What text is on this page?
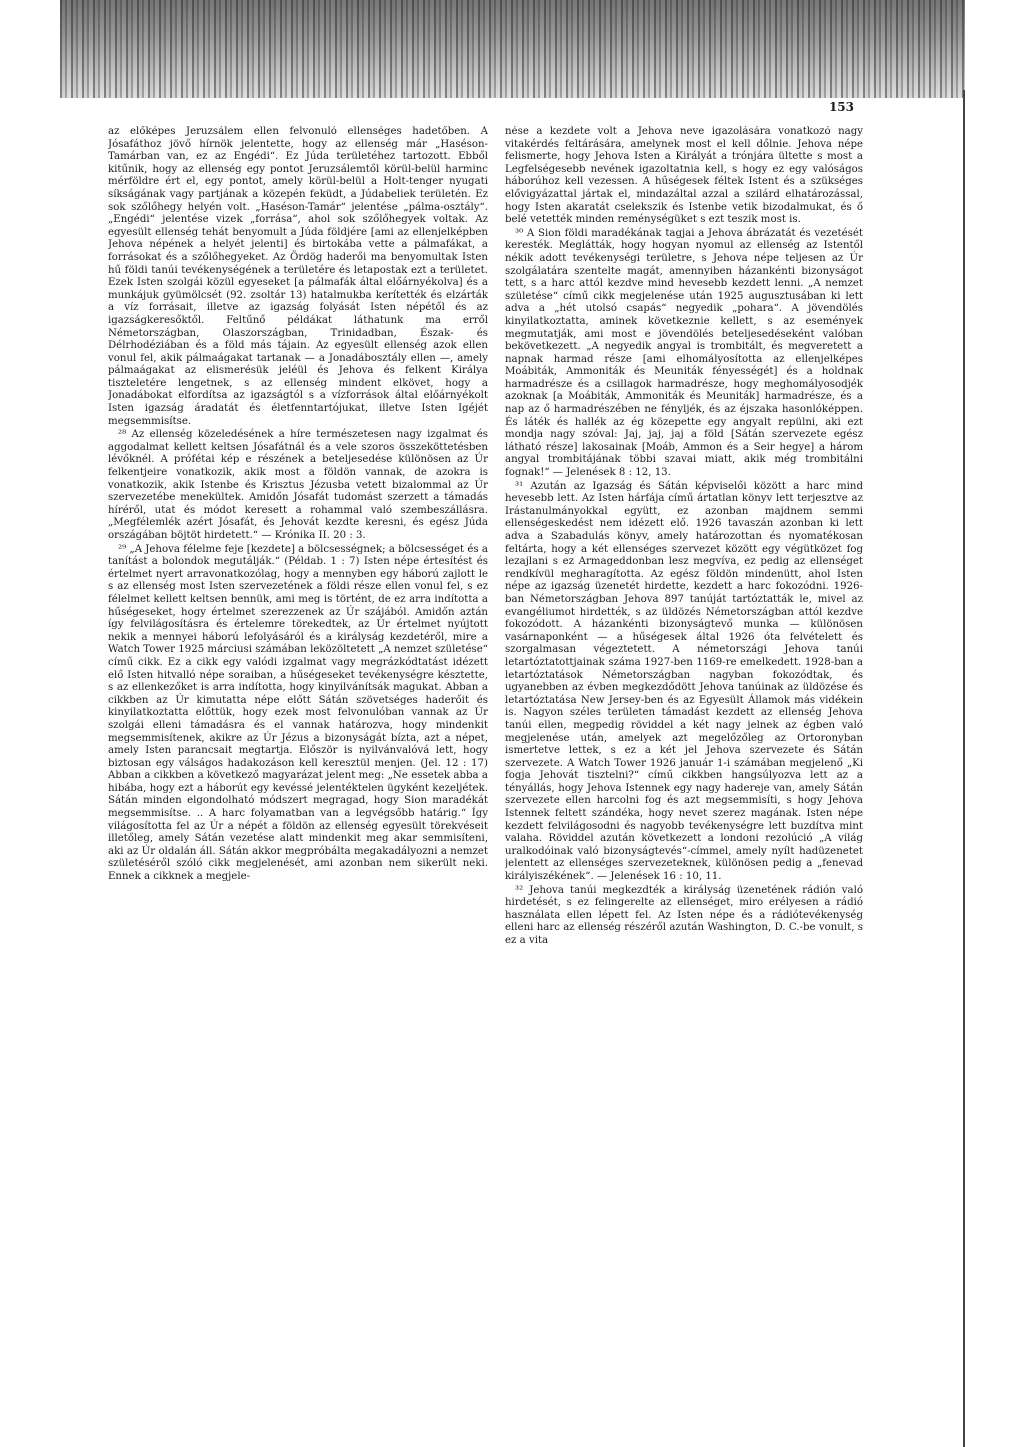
153

az előképes Jeruzsálem ellen felvonuló ellenséges hadetőben. A Jósafáthoz jövő hírnök jelentette, hogy az ellenség már „Haséson-Tamárban van, ez az Engédi“. Ez Júda területéhez tartozott. Ebből kitűnik, hogy az ellenség egy pontot Jeruzsálemtől körül-belül harminc mérföldre ért el, egy pontot, amely körül-belül a Holt-tenger nyugati síkságának vagy partjának a közepén feküdt, a Júdabeliek területén. Ez sok szőlőhegy helyén volt. „Haséson-Tamár“ jelentése „pálma-osztály“. „Engédi“ jelentése vizek „forrása“, ahol sok szőlőhegyek voltak. Az egyesült ellenség tehát benyomult a Júda földjére [ami az ellenjelképben Jehova népének a helyét jelenti] és birtokába vette a pálmafákat, a forrásokat és a szőlőhegyeket. Az Ördög haderői ma benyomultak Isten hű földi tanúi tevékenységének a területére és letapostak ezt a területet. Ezek Isten szolgái közül egyeseket [a pálmafák által előárnyékolva] és a munkájuk gyümölcsét (92. zsoltár 13) hatalmukba kerítették és elzárták a víz forrásait, illetve az igazság folyását Isten népétől és az igazságkeresőktől. Feltűnő példákat láthatunk ma erről Németországban, Olaszországban, Trinidadban, Észak- és Délrhodéziában és a föld más tájain. Az egyesült ellenség azok ellen vonul fel, akik pálmaágakat tartanak — a Jonadábosztály ellen —, amely pálmaágakat az elismerésük jeléül és Jehova és felkent Királya tiszteletére lengetnek, s az ellenség mindent elkövet, hogy a Jonadábokat elfordítsa az igazságtól s a vízforrások által előárnyékolt Isten igazság áradatát és életfenntartójukat, illetve Isten Igéjét megsemmisítse.

²⁸ Az ellenség közeledésének a híre természetesen nagy izgalmat és aggodalmat kellett keltsen Jósafátnál és a vele szoros összeköttetésben lévőknél. A prófétai kép e részének a beteljesedése különösen az Úr felkentjeire vonatkozik, akik most a földön vannak, de azokra is vonatkozik, akik Istenbe és Krisztus Jézusba vetett bizalommal az Úr szervezetébe menekültek. Amidőn Jósafát tudomást szerzett a támadás híréről, utat és módot keresett a rohammal való szembeszállásra. „Megfélemlék azért Jósafát, és Jehovát kezdte keresni, és egész Júda országában böjtöt hirdetett.“ — Krónika II. 20 : 3.

²⁹ „A Jehova félelme feje [kezdete] a bölcsességnek; a bölcsességet és a tanítást a bolondok megutálják.“ (Példab. 1 : 7) Isten népe értesítést és értelmet nyert arravonatkozólag, hogy a mennyben egy háború zajlott le s az ellenség most Isten szervezetének a földi része ellen vonul fel, s ez félelmet kellett keltsen bennük, ami meg is történt, de ez arra indította a hűségeseket, hogy értelmet szerezzenek az Úr szájából. Amidőn aztán így felvilágosításra és értelemre törekedtek, az Úr értelmet nyújtott nekik a mennyei háború lefolyásáról és a királyság kezdetéről, mire a Watch Tower 1925 márciusi számában leközöltetett „A nemzet születése“ című cikk. Ez a cikk egy valódi izgalmat vagy megrázkódtatást idézett elő Isten hitvalló népe soraiban, a hűségeseket tevékenységre késztette, s az ellenkezőket is arra indította, hogy kinyilvánítsák magukat. Abban a cikkben az Úr kimutatta népe előtt Sátán szövetséges haderőit és kinyilatkoztatta előttük, hogy ezek most felvonulóban vannak az Úr szolgái elleni támadásra és el vannak határozva, hogy mindenkit megsemmisítenek, akikre az Úr Jézus a bizonyságát bízta, azt a népet, amely Isten parancsait megtartja. Először is nyilvánvalóvá lett, hogy biztosan egy válságos hadakozáson kell keresztül menjen. (Jel. 12 : 17) Abban a cikkben a következő magyarázat jelent meg: „Ne essetek abba a hibába, hogy ezt a háborút egy kevéssé jelentéktelen ügyként kezeljétek. Sátán minden elgondolható módszert megragad, hogy Sion maradékát megsemmisítse. .. A harc folyamatban van a legvégsőbb határig.“ Így világosította fel az Úr a népét a földön az ellenség egyesült törekvéseit illetőleg, amely Sátán vezetése alatt mindenkit meg akar semmisíteni, aki az Úr oldalán áll. Sátán akkor megpróbálta megakadályozni a nemzet születéséről szóló cikk megjelenését, ami azonban nem sikerült neki. Ennek a cikknek a megjele-

nése a kezdete volt a Jehova neve igazolására vonatkozó nagy vitakérdés feltárására, amelynek most el kell dőlnie. Jehova népe felismerte, hogy Jehova Isten a Királyát a trónjára ültette s most a Legfelségesebb nevének igazoltatnia kell, s hogy ez egy valóságos háborúhoz kell vezessen. A hűségesek féltek Istent és a szükséges elővigyázattal jártak el, mindazáltal azzal a szilárd elhatározással, hogy Isten akaratát cselekszik és Istenbe vetik bizodalmukat, és ő belé vetették minden reménységüket s ezt teszik most is.

³⁰ A Sion földi maradékának tagjai a Jehova ábrázatát és vezetését keresték. Meglátták, hogy hogyan nyomul az ellenség az Istentől nékik adott tevékenységi területre, s Jehova népe teljesen az Úr szolgálatára szentelte magát, amennyiben házankénti bizonyságot tett, s a harc attól kezdve mind hevesebb kezdett lenni. „A nemzet születése“ című cikk megjelenése után 1925 augusztusában ki lett adva a „hét utolsó csapás“ negyedik „pohara“. A jövendölés kinyilatkoztatta, aminek következnie kellett, s az események megmutatják, ami most e jövendölés beteljesedéseként valóban bekövetkezett. „A negyedik angyal is trombitált, és megveretett a napnak harmad része [ami elhomályosította az ellenjelképes Moábiták, Ammoniták és Meuniták fényességét] és a holdnak harmadrésze és a csillagok harmadrésze, hogy meghomályosodjék azoknak [a Moábiták, Ammoniták és Meuniták] harmadrésze, és a nap az ő harmadrészében ne fényljék, és az éjszaka hasonlóképpen. És láték és hallék az ég közepette egy angyalt repülni, aki ezt mondja nagy szóval: Jaj, jaj, jaj a föld [Sátán szervezete egész látható része] lakosainak [Moáb, Ammon és a Seir hegye] a három angyal trombitájának többi szavai miatt, akik még trombitálni fognak!“ — Jelenések 8 : 12, 13.

³¹ Azután az Igazság és Sátán képviselői között a harc mind hevesebb lett. Az Isten hárfája című ártatlan könyv lett terjesztve az Irástanulmányokkal együtt, ez azonban majdnem semmi ellenségeskedést nem idézett elő. 1926 tavaszán azonban ki lett adva a Szabadulás könyv, amely határozottan és nyomatékosan feltárta, hogy a két ellenséges szervezet között egy végütközet fog lezajlani s ez Armageddonban lesz megvíva, ez pedig az ellenséget rendkívül megharagította. Az egész földön mindenütt, ahol Isten népe az igazság üzenetét hirdette, kezdett a harc fokozódni. 1926-ban Németországban Jehova 897 tanúját tartóztatták le, mivel az evangéliumot hirdették, s az üldözés Németországban attól kezdve fokozódott. A házankénti bizonyságtevő munka — különösen vasárnaponként — a hűségesek által 1926 óta felvételett és szorgalmasan végeztetett. A németországi Jehova tanúi letartóztatottjainak száma 1927-ben 1169-re emelkedett. 1928-ban a letartóztatások Németországban nagyban fokozódtak, és ugyanebben az évben megkezdődött Jehova tanúinak az üldözése és letartóztatása New Jersey-ben és az Egyesült Államok más vidékein is. Nagyon széles területen támadást kezdett az ellenség Jehova tanúi ellen, megpedig röviddel a két nagy jelnek az égben való megjelenése után, amelyek azt megelőzőleg az Ortoronyban ismertetve lettek, s ez a két jel Jehova szervezete és Sátán szervezete. A Watch Tower 1926 január 1-i számában megjelenő „Ki fogja Jehovát tisztelni?“ című cikkben hangsúlyozva lett az a tényállás, hogy Jehova Istennek egy nagy hadereje van, amely Sátán szervezete ellen harcolni fog és azt megsemmisíti, s hogy Jehova Istennek feltett szándéka, hogy nevet szerez magának. Isten népe kezdett felvilágosodni és nagyobb tevékenységre lett buzdítva mint valaha. Röviddel azután következett a londoni rezolúció „A világ uralkodóinak való bizonyságtevés“-címmel, amely nyílt hadüzenetet jelentett az ellenséges szervezeteknek, különösen pedig a „fenevad királyiszékének“. — Jelenések 16 : 10, 11.

³² Jehova tanúi megkezdték a királyság üzenetének rádión való hirdetését, s ez felingerelte az ellenséget, miro erélyesen a rádió használata ellen lépett fel. Az Isten népe és a rádiótevékenység elleni harc az ellenség részéről azután Washington, D. C.-be vonult, s ez a vita
